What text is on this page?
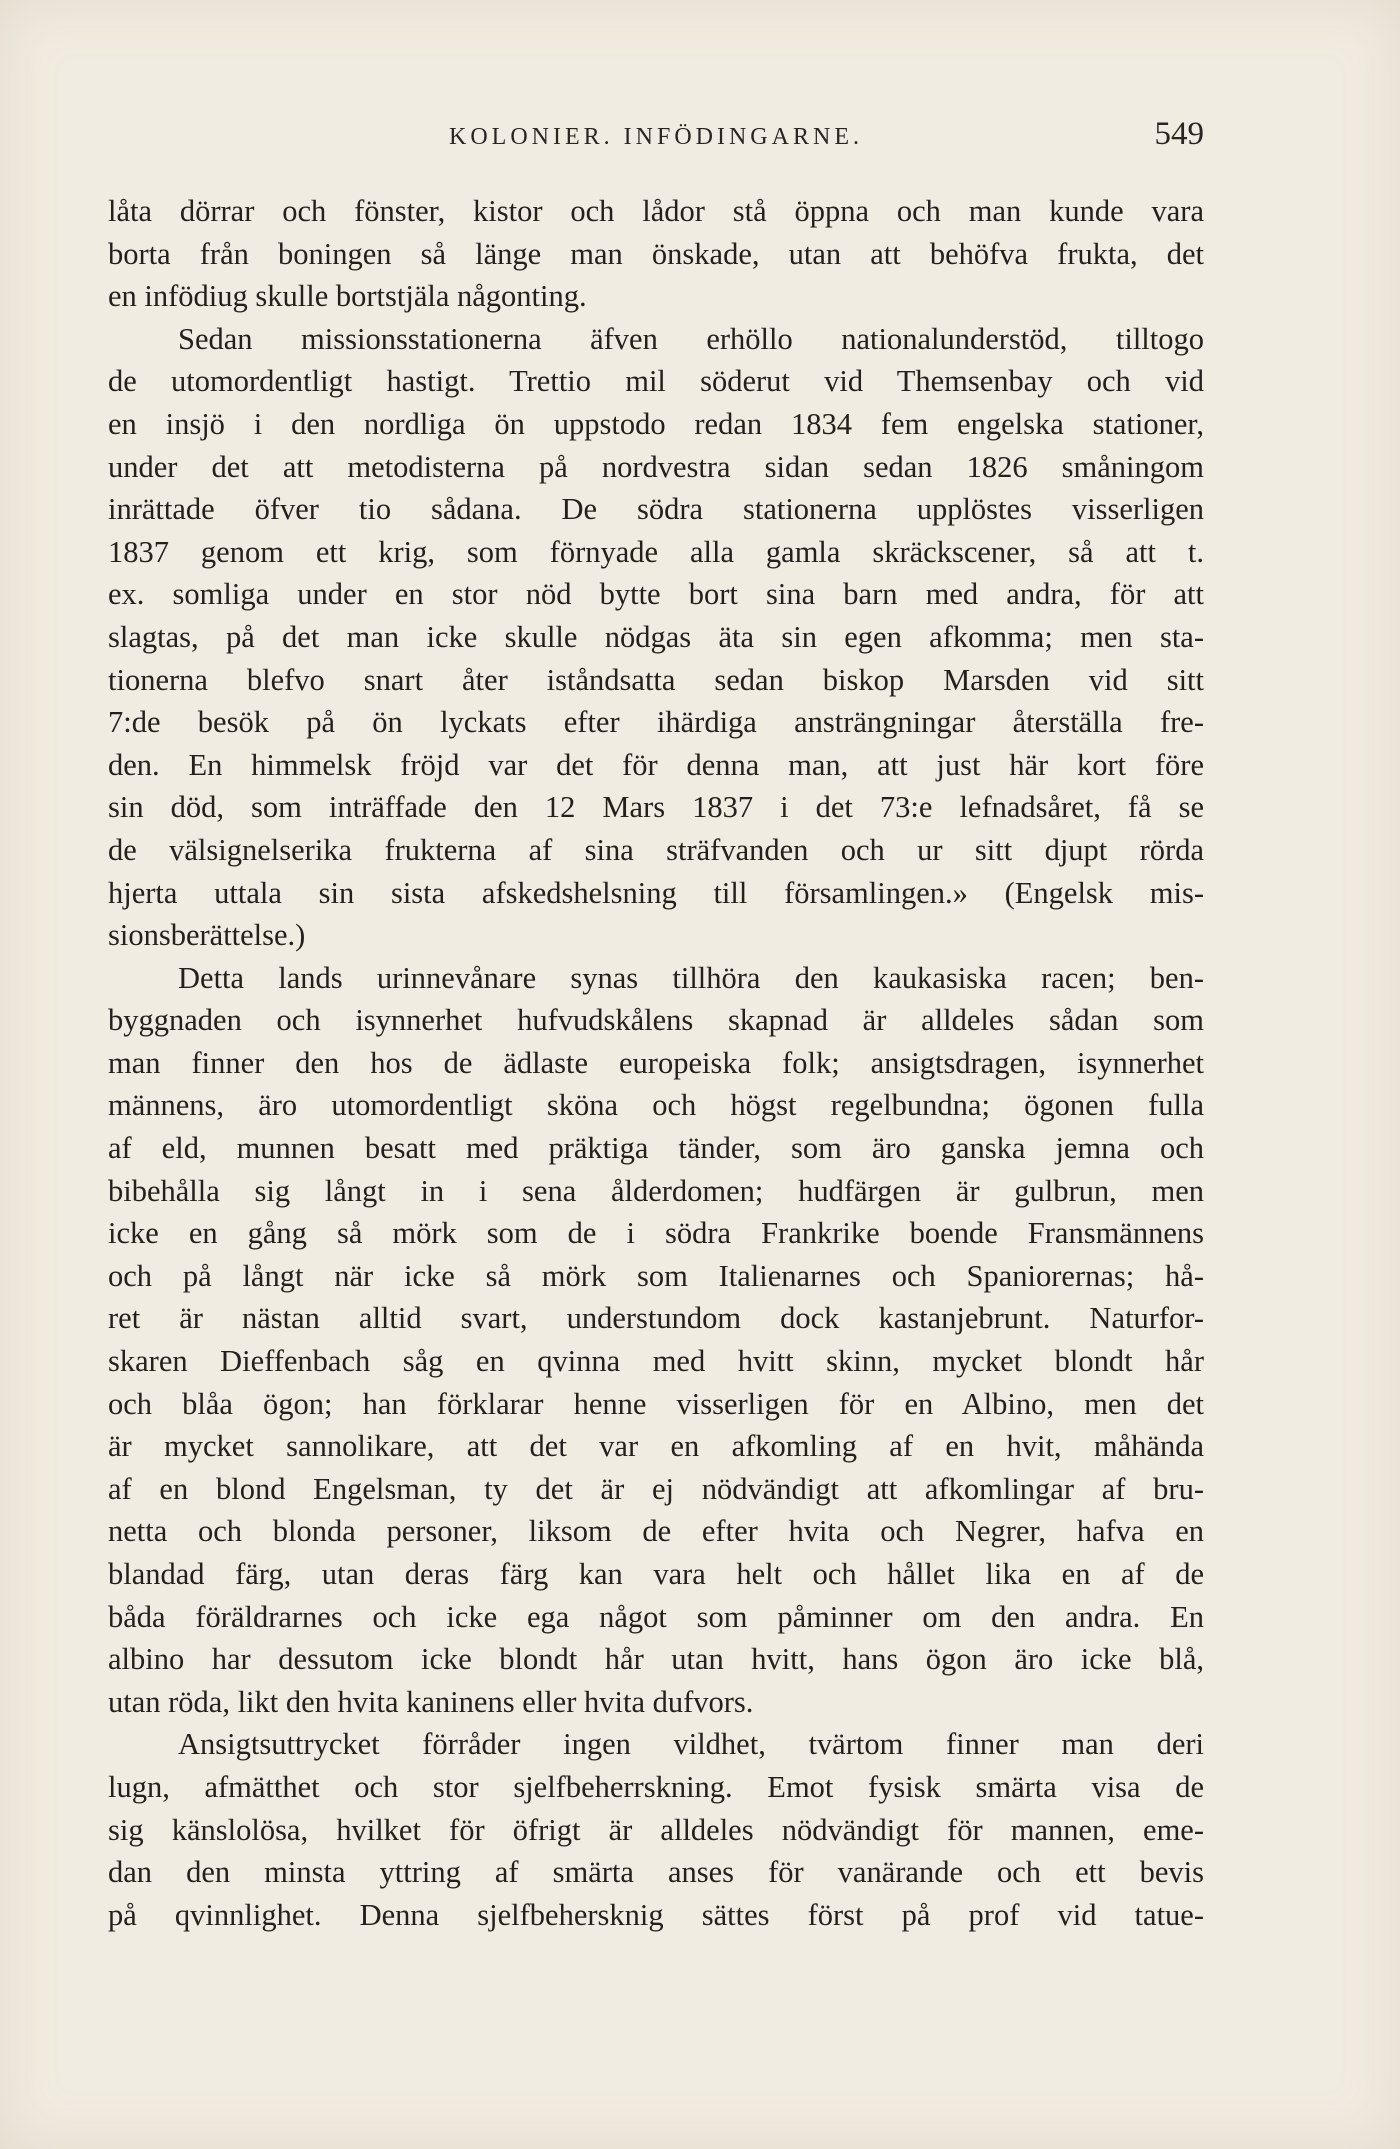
KOLONIER. INFÖDINGARNE.	549
låta dörrar och fönster, kistor och lådor stå öppna och man kunde vara
borta från boningen så länge man önskade, utan att behöfva frukta, det
en infödiug skulle bortstjäla någonting.
Sedan missionsstationerna äfven erhöllo nationalunderstöd, tilltogo
de utomordentligt hastigt. Trettio mil söderut vid Themsenbay och vid
en insjö i den nordliga ön uppstodo redan 1834 fem engelska stationer,
under det att metodisterna på nordvestra sidan sedan 1826 småningom
inrättade öfver tio sådana. De södra stationerna upplöstes visserligen
1837 genom ett krig, som förnyade alla gamla skräckscener, så att t.
ex. somliga under en stor nöd bytte bort sina barn med andra, för att
slagtas, på det man icke skulle nödgas äta sin egen afkomma; men sta-
tionerna blefvo snart åter iståndsatta sedan biskop Marsden vid sitt
7:de besök på ön lyckats efter ihärdiga ansträngningar återställa fre-
den. En himmelsk fröjd var det för denna man, att just här kort före
sin död, som inträffade den 12 Mars 1837 i det 73:e lefnadsåret, få se
de välsignelserika frukterna af sina sträfvanden och ur sitt djupt rörda
hjerta uttala sin sista afskedshelsning till församlingen.» (Engelsk mis-
sionsberättelse.)
Detta lands urinnevånare synas tillhöra den kaukasiska racen; ben-
byggnaden och isynnerhet hufvudskålens skapnad är alldeles sådan som
man finner den hos de ädlaste europeiska folk; ansigtsdragen, isynnerhet
männens, äro utomordentligt sköna och högst regelbundna; ögonen fulla
af eld, munnen besatt med präktiga tänder, som äro ganska jemna och
bibehålla sig långt in i sena ålderdomen; hudfärgen är gulbrun, men
icke en gång så mörk som de i södra Frankrike boende Fransmännens
och på långt när icke så mörk som Italienarnes och Spaniorernas; hå-
ret är nästan alltid svart, understundom dock kastanjebrunt. Naturfor-
skaren Dieffenbach såg en qvinna med hvitt skinn, mycket blondt hår
och blåa ögon; han förklarar henne visserligen för en Albino, men det
är mycket sannolikare, att det var en afkomling af en hvit, måhända
af en blond Engelsman, ty det är ej nödvändigt att afkomlingar af bru-
netta och blonda personer, liksom de efter hvita och Negrer, hafva en
blandad färg, utan deras färg kan vara helt och hållet lika en af de
båda föräldrarnes och icke ega något som påminner om den andra. En
albino har dessutom icke blondt hår utan hvitt, hans ögon äro icke blå,
utan röda, likt den hvita kaninens eller hvita dufvors.
Ansigtsuttrycket förråder ingen vildhet, tvärtom finner man deri
lugn, afmätthet och stor sjelfbeherrskning. Emot fysisk smärta visa de
sig känslolösa, hvilket för öfrigt är alldeles nödvändigt för mannen, eme-
dan den minsta yttring af smärta anses för vanärande och ett bevis
på qvinnlighet. Denna sjelfbehersknig sättes först på prof vid tatue-
